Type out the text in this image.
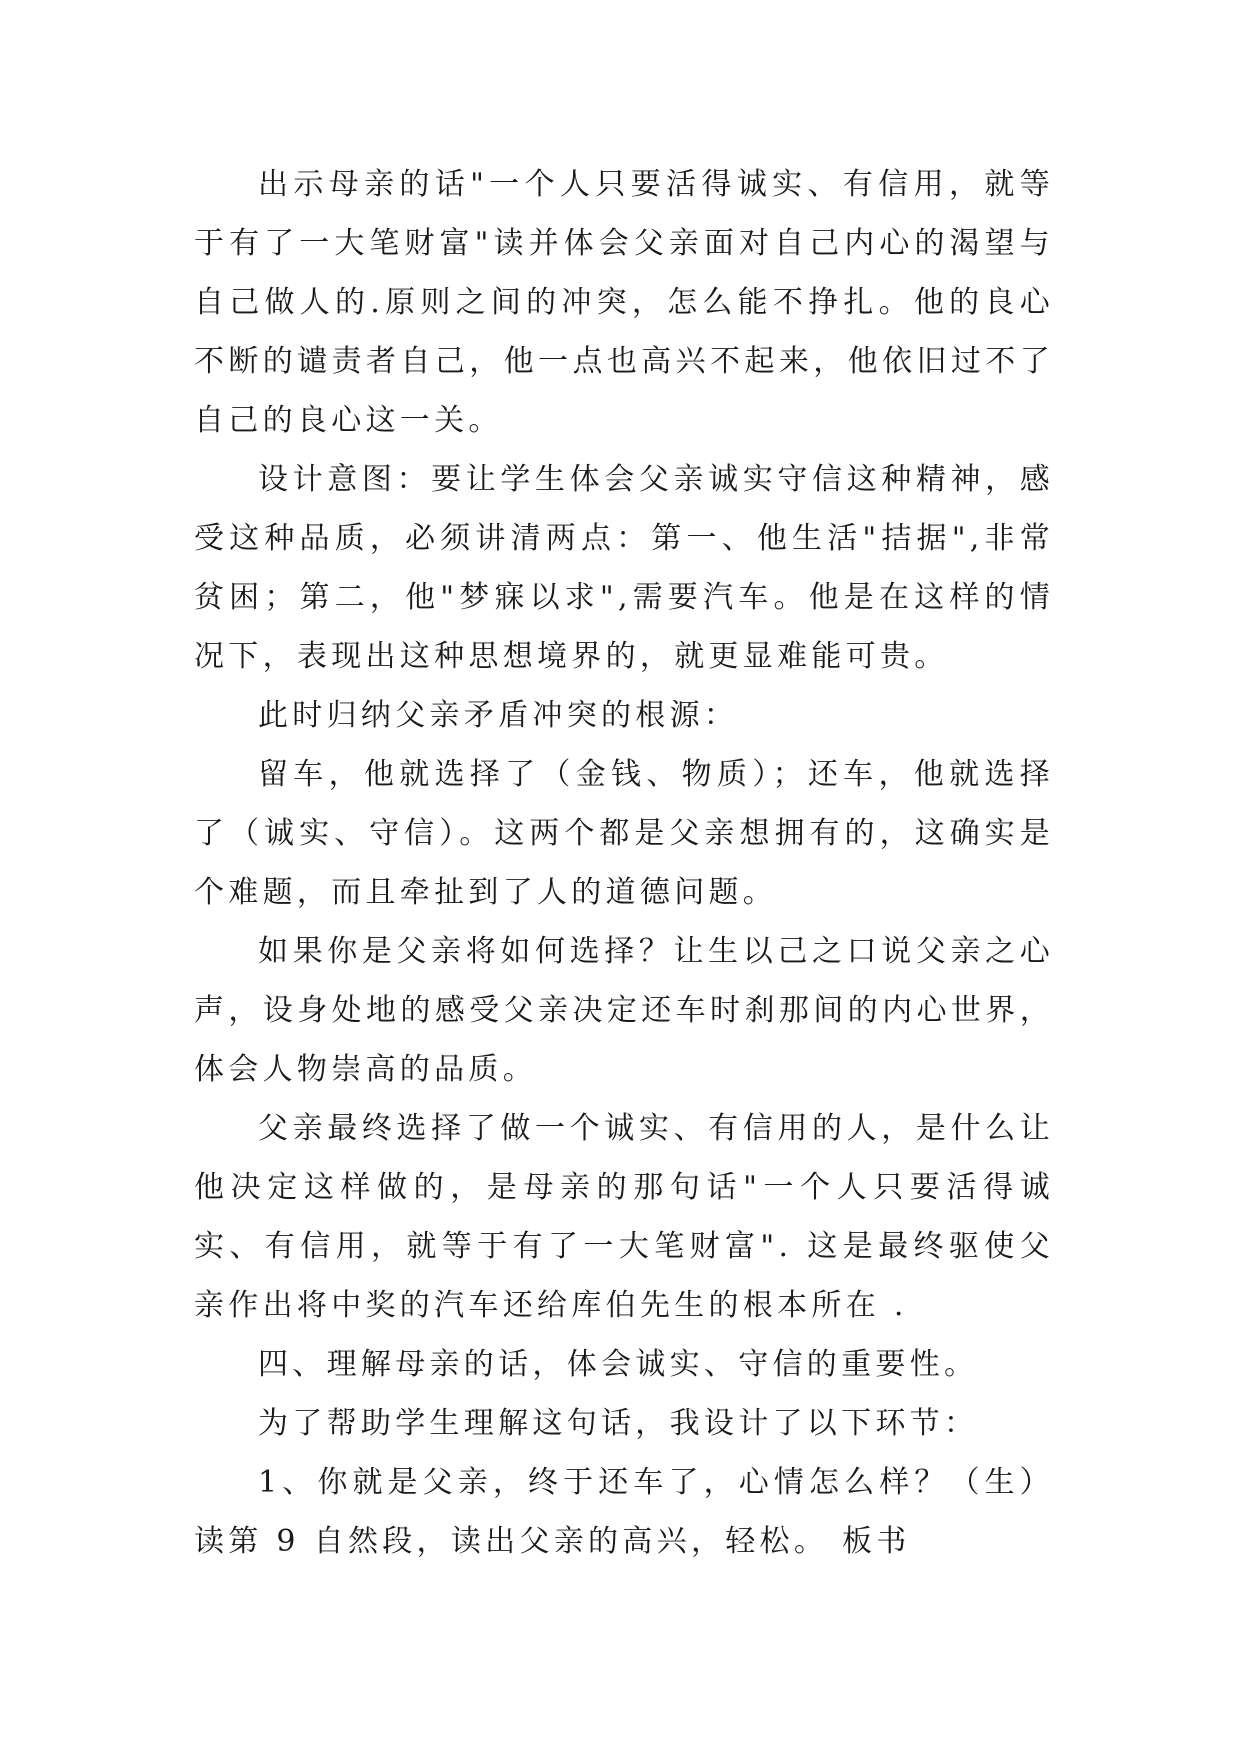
出示母亲的话"一个人只要活得诚实、有信用，就等于有了一大笔财富"读并体会父亲面对自己内心的渴望与自己做人的.原则之间的冲突，怎么能不挣扎。他的良心不断的谴责者自己，他一点也高兴不起来，他依旧过不了自己的良心这一关。

设计意图：要让学生体会父亲诚实守信这种精神，感受这种品质，必须讲清两点：第一、他生活"拮据",非常贫困；第二，他"梦寐以求",需要汽车。他是在这样的情况下，表现出这种思想境界的，就更显难能可贵。

此时归纳父亲矛盾冲突的根源：

留车，他就选择了（金钱、物质）；还车，他就选择了（诚实、守信）。这两个都是父亲想拥有的，这确实是个难题，而且牵扯到了人的道德问题。

如果你是父亲将如何选择？让生以己之口说父亲之心声，设身处地的感受父亲决定还车时刹那间的内心世界，体会人物崇高的品质。

父亲最终选择了做一个诚实、有信用的人，是什么让他决定这样做的，是母亲的那句话"一个人只要活得诚实、有信用，就等于有了一大笔财富". 这是最终驱使父亲作出将中奖的汽车还给库伯先生的根本所在 .

四、理解母亲的话，体会诚实、守信的重要性。

为了帮助学生理解这句话，我设计了以下环节：

1、你就是父亲，终于还车了，心情怎么样？（生）读第 9 自然段，读出父亲的高兴，轻松。 板书
